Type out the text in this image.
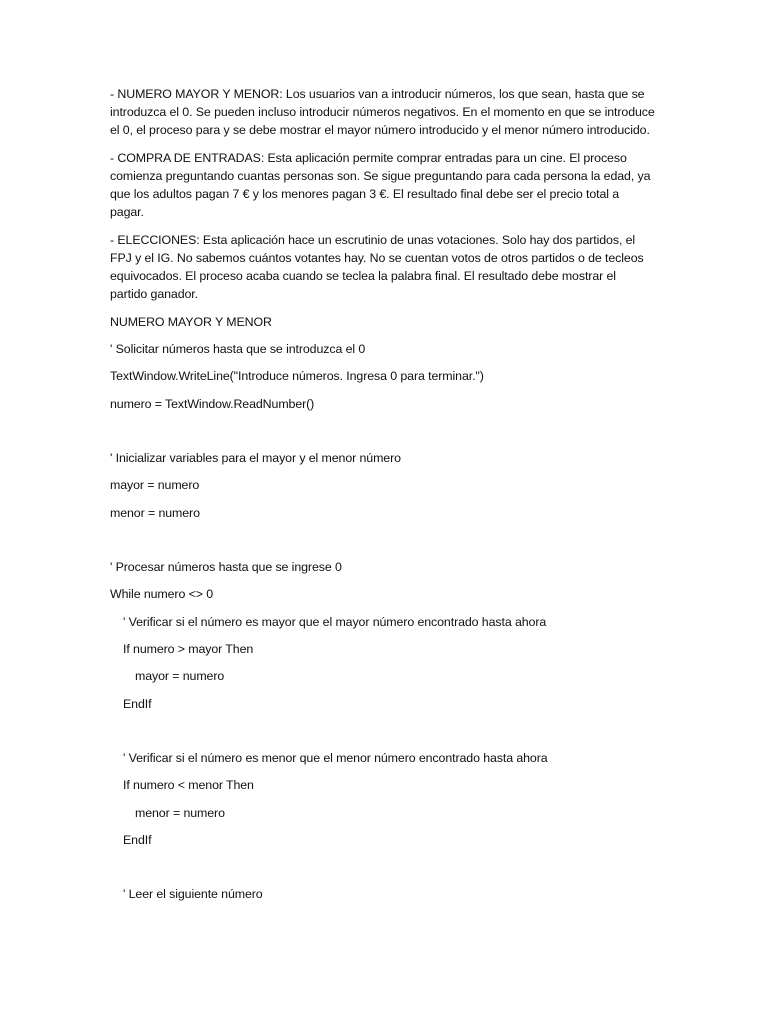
- NUMERO MAYOR Y MENOR: Los usuarios van a introducir números, los que sean, hasta que se introduzca el 0. Se pueden incluso introducir números negativos. En el momento en que se introduce el 0, el proceso para y se debe mostrar el mayor número introducido y el menor número introducido.

- COMPRA DE ENTRADAS: Esta aplicación permite comprar entradas para un cine. El proceso comienza preguntando cuantas personas son. Se sigue preguntando para cada persona la edad, ya que los adultos pagan 7 € y los menores pagan 3 €. El resultado final debe ser el precio total a pagar.

- ELECCIONES: Esta aplicación hace un escrutinio de unas votaciones. Solo hay dos partidos, el FPJ y el IG. No sabemos cuántos votantes hay. No se cuentan votos de otros partidos o de tecleos equivocados. El proceso acaba cuando se teclea la palabra final. El resultado debe mostrar el partido ganador.

NUMERO MAYOR Y MENOR
' Solicitar números hasta que se introduzca el 0
TextWindow.WriteLine("Introduce números. Ingresa 0 para terminar.")
numero = TextWindow.ReadNumber()
' Inicializar variables para el mayor y el menor número
mayor = numero
menor = numero
' Procesar números hasta que se ingrese 0
While numero <> 0
' Verificar si el número es mayor que el mayor número encontrado hasta ahora
If numero > mayor Then
mayor = numero
EndIf
' Verificar si el número es menor que el menor número encontrado hasta ahora
If numero < menor Then
menor = numero
EndIf
' Leer el siguiente número
